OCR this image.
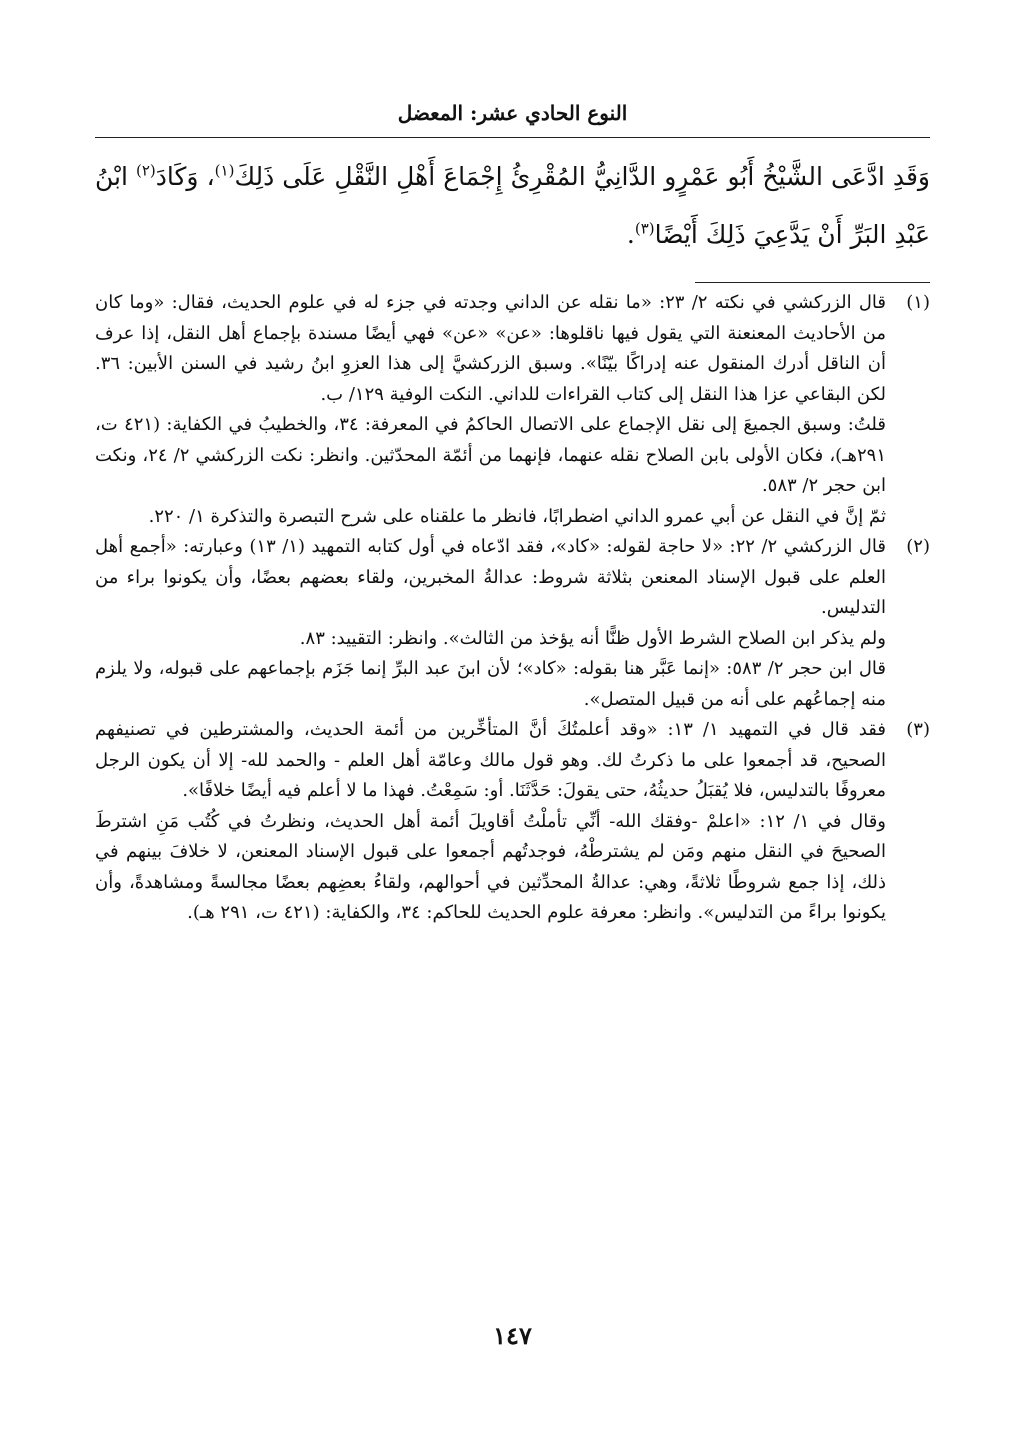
النوع الحادي عشر: المعضل

وَقَدِ ادَّعَى الشَّيْخُ أَبُو عَمْرٍو الدَّانِيُّ المُقْرِئُ إِجْمَاعَ أَهْلِ النَّقْلِ عَلَى ذَلِكَ$^{(١)}$، وَكَادَ$^{(٢)}$ ابْنُ عَبْدِ البَرِّ أَنْ يَدَّعِيَ ذَلِكَ أَيْضًا$^{(٣)}$.

(١)

قال الزركشي في نكته ٢/ ٢٣: «ما نقله عن الداني وجدته في جزء له في علوم الحديث، فقال: «وما كان من الأحاديث المعنعنة التي يقول فيها ناقلوها: «عن» «عن» فهي أيضًا مسندة بإجماع أهل النقل، إذا عرف أن الناقل أدرك المنقول عنه إدراكًا بيّنًا». وسبق الزركشيَّ إلى هذا العزوِ ابنُ رشيد في السنن الأبين: ٣٦. لكن البقاعي عزا هذا النقل إلى كتاب القراءات للداني. النكت الوفية ١٢٩/ ب.

قلتُ: وسبق الجميعَ إلى نقل الإجماع على الاتصال الحاكمُ في المعرفة: ٣٤، والخطيبُ في الكفاية: (٤٢١ ت، ٢٩١هـ)، فكان الأولى بابن الصلاح نقله عنهما، فإنهما من أئمّة المحدّثين. وانظر: نكت الزركشي ٢/ ٢٤، ونكت ابن حجر ٢/ ٥٨٣.

ثمّ إنَّ في النقل عن أبي عمرو الداني اضطرابًا، فانظر ما علقناه على شرح التبصرة والتذكرة ١/ ٢٢٠.

(٢)

قال الزركشي ٢/ ٢٢: «لا حاجة لقوله: «كاد»، فقد ادّعاه في أول كتابه التمهيد (١/ ١٣) وعبارته: «أجمع أهل العلم على قبول الإسناد المعنعن بثلاثة شروط: عدالةُ المخبرين، ولقاء بعضهم بعضًا، وأن يكونوا براء من التدليس.

ولم يذكر ابن الصلاح الشرط الأول ظنًّا أنه يؤخذ من الثالث». وانظر: التقييد: ٨٣.

قال ابن حجر ٢/ ٥٨٣: «إنما عَبَّر هنا بقوله: «كاد»؛ لأن ابنَ عبد البرِّ إنما جَزَم بإجماعهم على قبوله، ولا يلزم منه إجماعُهم على أنه من قبيل المتصل».

(٣)

فقد قال في التمهيد ١/ ١٣: «وقد أعلمتُكَ أنَّ المتأخِّرين من أئمة الحديث، والمشترطين في تصنيفهم الصحيح، قد أجمعوا على ما ذكرتُ لك. وهو قول مالك وعامّة أهل العلم - والحمد لله- إلا أن يكون الرجل معروفًا بالتدليس، فلا يُقبَلُ حديثُهُ، حتى يقولَ: حَدَّثَنَا. أو: سَمِعْتُ. فهذا ما لا أعلم فيه أيضًا خلافًا».

وقال في ١/ ١٢: «اعلمْ -وفقك الله- أنِّي تأملْتُ أقاويلَ أئمة أهل الحديث، ونظرتُ في كُتُب مَنِ اشترطَ الصحيحَ في النقل منهم ومَن لم يشترطْهُ، فوجدتُهم أجمعوا على قبول الإسناد المعنعن، لا خلافَ بينهم في ذلك، إذا جمع شروطًا ثلاثةً، وهي: عدالةُ المحدِّثين في أحوالهم، ولقاءُ بعضِهم بعضًا مجالسةً ومشاهدةً، وأن يكونوا براءً من التدليس». وانظر: معرفة علوم الحديث للحاكم: ٣٤، والكفاية: (٤٢١ ت، ٢٩١ هـ).

١٤٧
